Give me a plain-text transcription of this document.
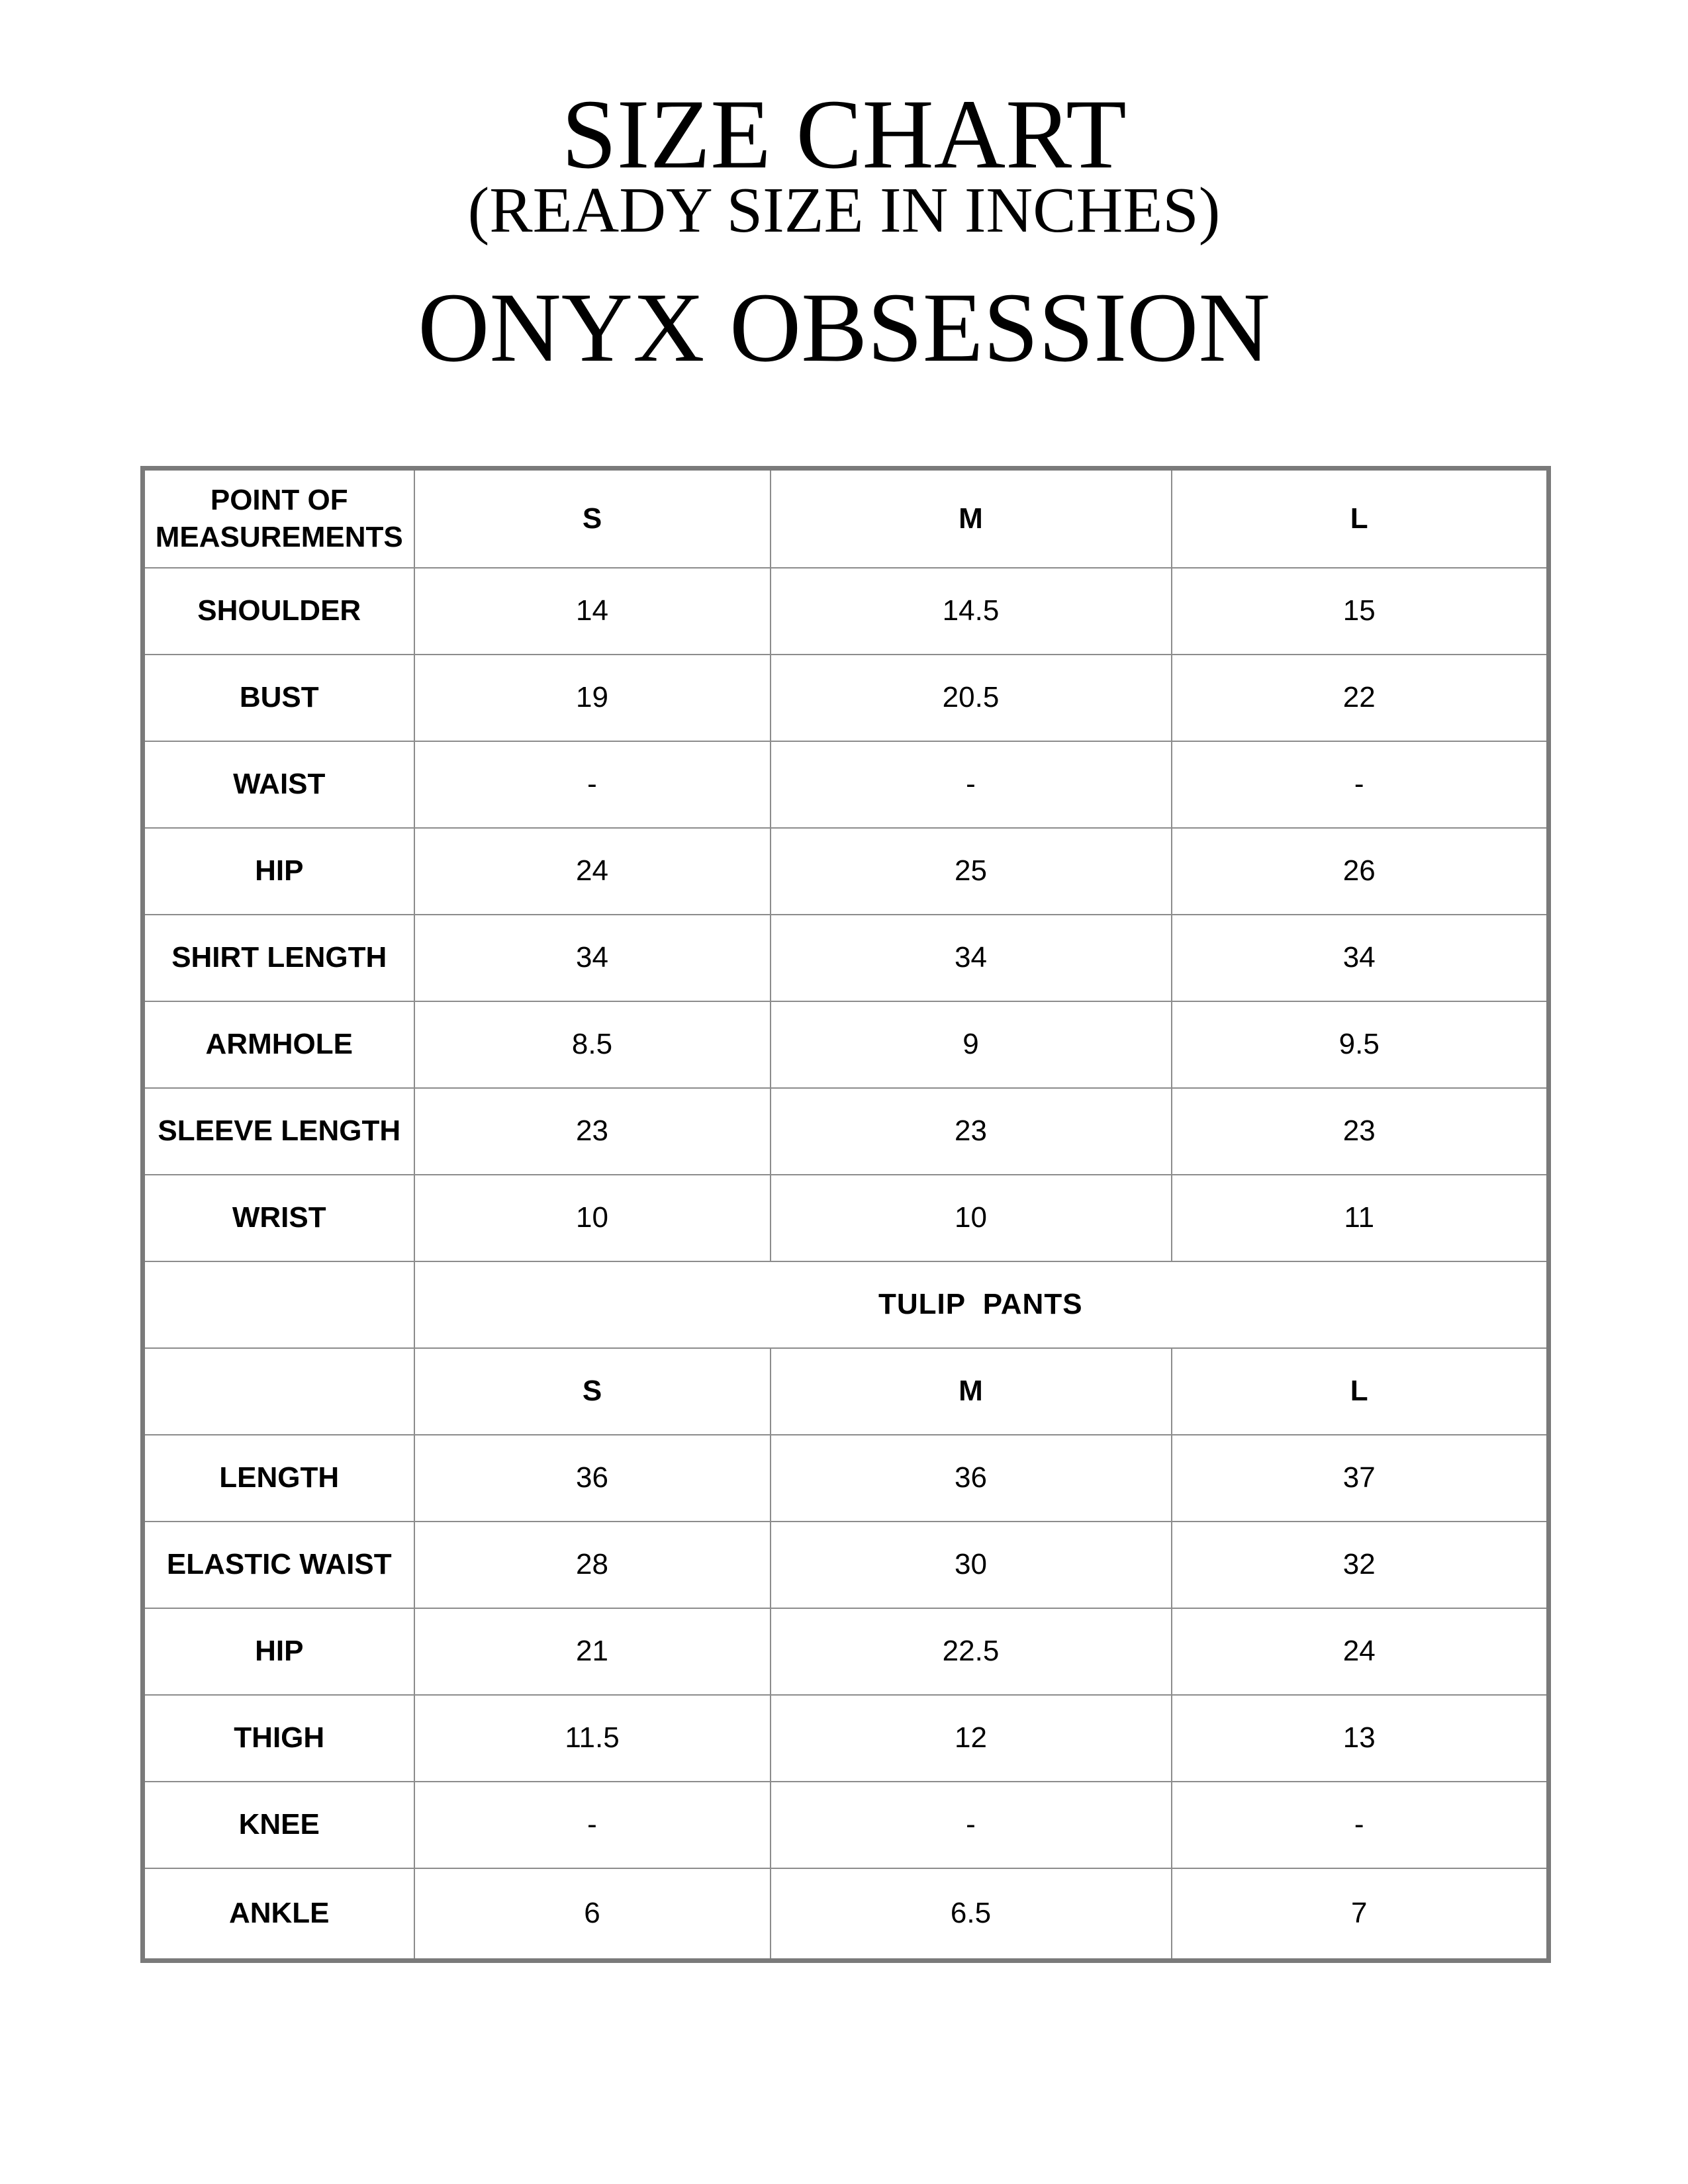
SIZE CHART
(READY SIZE IN INCHES)
ONYX OBSESSION
POINT OF MEASUREMENTS	S	M	L
SHOULDER	14	14.5	15
BUST	19	20.5	22
WAIST	-	-	-
HIP	24	25	26
SHIRT LENGTH	34	34	34
ARMHOLE	8.5	9	9.5
SLEEVE LENGTH	23	23	23
WRIST	10	10	11
	TULIP  PANTS		
	S	M	L
LENGTH	36	36	37
ELASTIC WAIST	28	30	32
HIP	21	22.5	24
THIGH	11.5	12	13
KNEE	-	-	-
ANKLE	6	6.5	7
